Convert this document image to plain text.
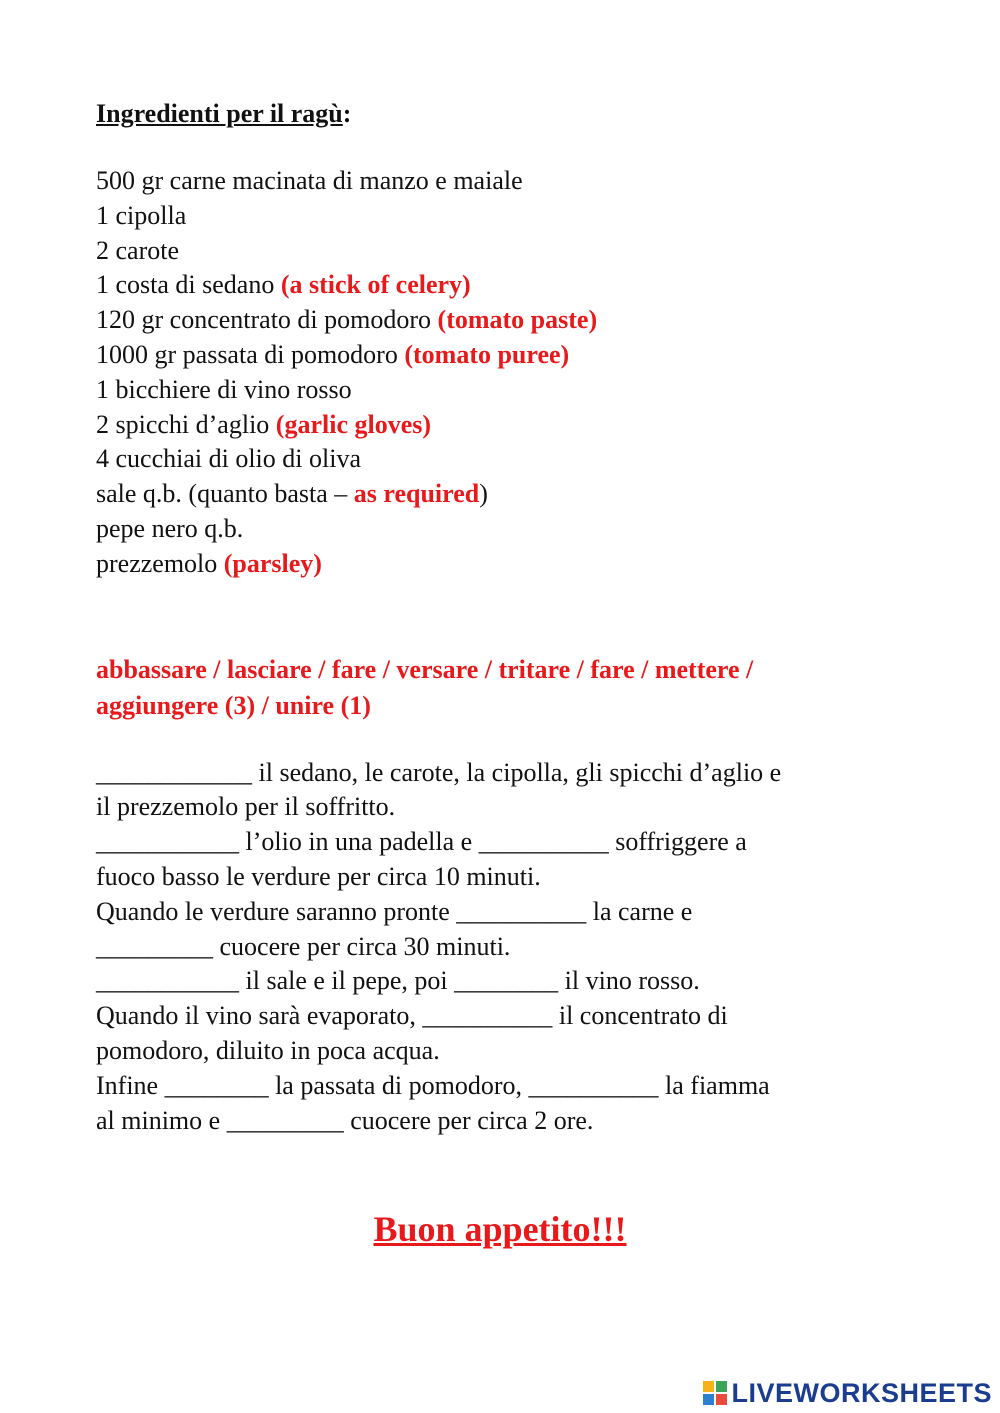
Ingredienti per il ragù:

500 gr carne macinata di manzo e maiale
1 cipolla
2 carote
1 costa di sedano (a stick of celery)
120 gr concentrato di pomodoro (tomato paste)
1000 gr passata di pomodoro (tomato puree)
1 bicchiere di vino rosso
2 spicchi d’aglio (garlic gloves)
4 cucchiai di olio di oliva
sale q.b. (quanto basta – as required)
pepe nero q.b.
prezzemolo (parsley)
abbassare / lasciare / fare / versare / tritare / fare / mettere /
aggiungere (3) / unire (1)
____________ il sedano, le carote, la cipolla, gli spicchi d’aglio e
il prezzemolo per il soffritto.
___________ l’olio in una padella e __________ soffriggere a
fuoco basso le verdure per circa 10 minuti.
Quando le verdure saranno pronte __________ la carne e
_________ cuocere per circa 30 minuti.
___________ il sale e il pepe, poi ________ il vino rosso.
Quando il vino sarà evaporato, __________ il concentrato di
pomodoro, diluito in poca acqua.
Infine ________ la passata di pomodoro, __________ la fiamma
al minimo e _________ cuocere per circa 2 ore.
Buon appetito!!!
LIVEWORKSHEETS
